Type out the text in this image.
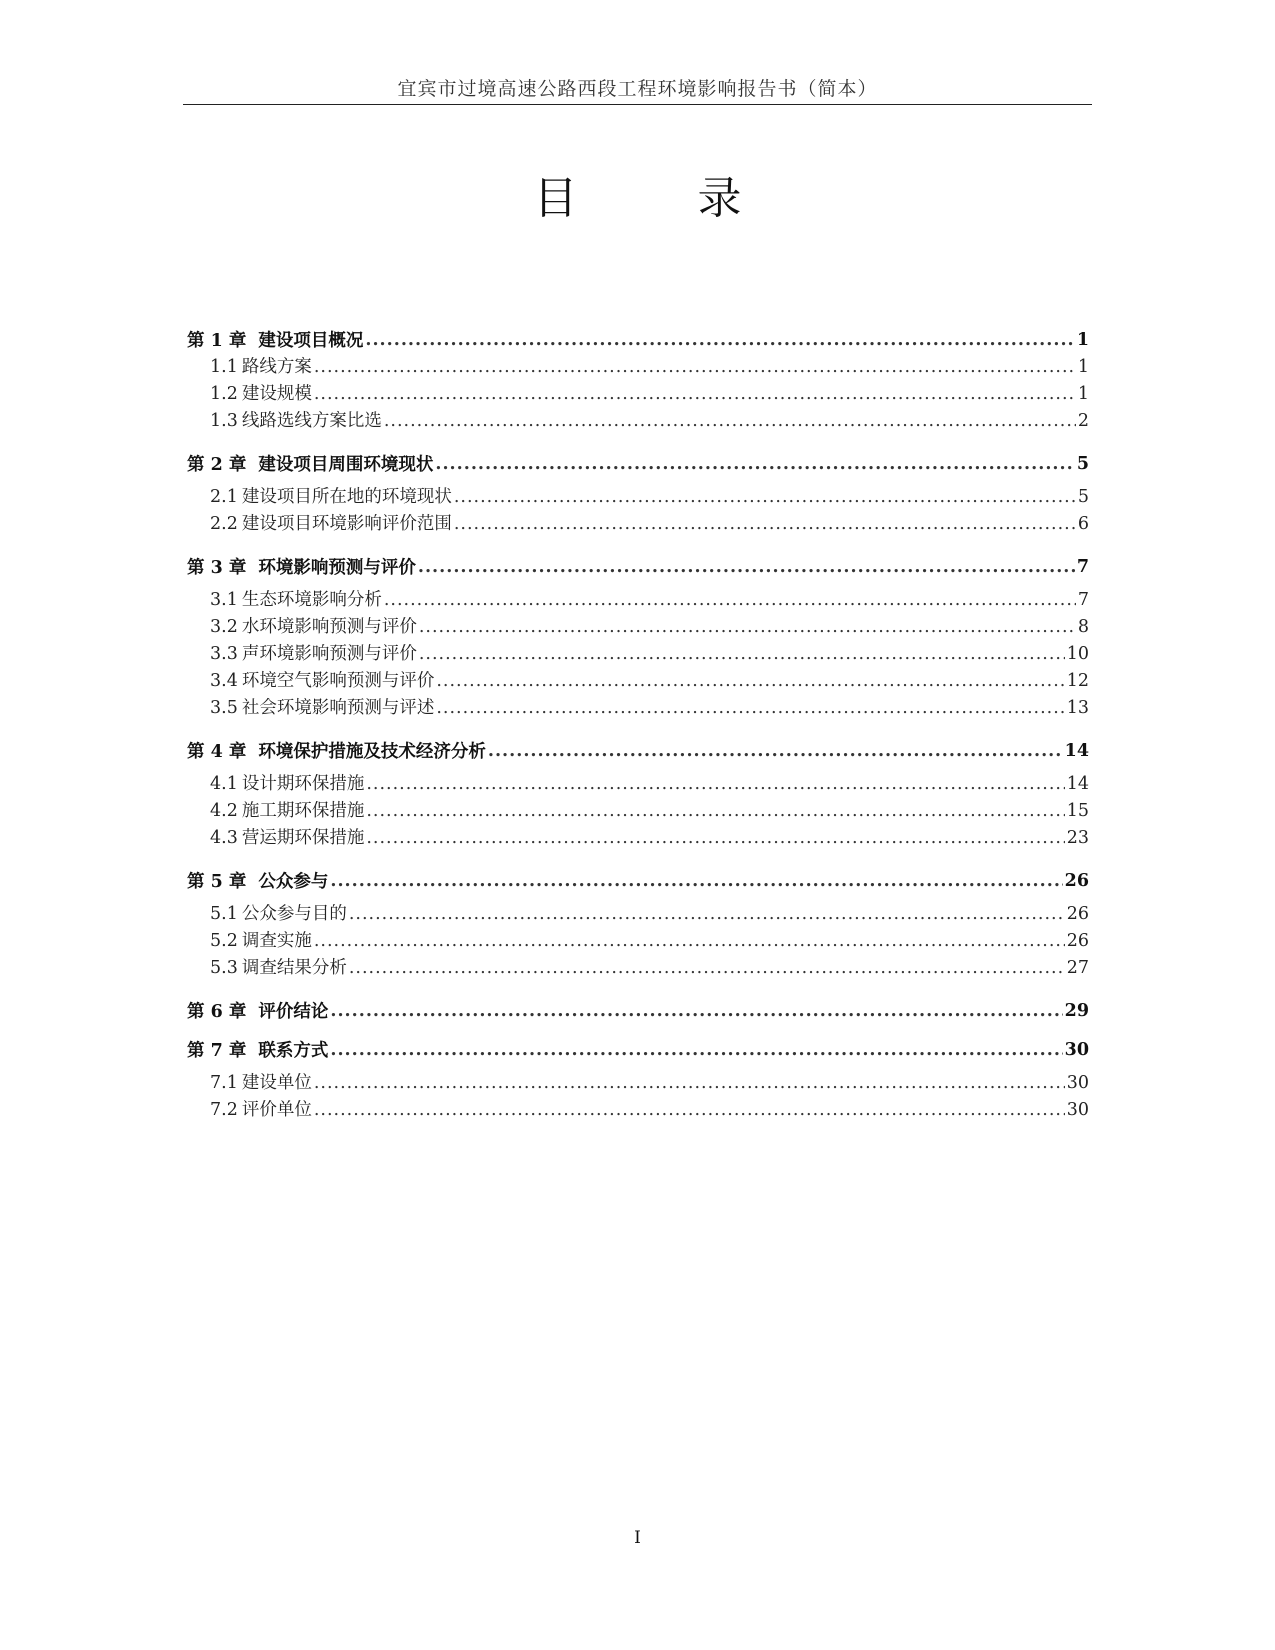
宜宾市过境高速公路西段工程环境影响报告书（简本）
目　录
第 1 章 建设项目概况 .....	1
1.1 路线方案 .....	1
1.2 建设规模 .....	1
1.3 线路选线方案比选 .....	2
第 2 章 建设项目周围环境现状 .....	5
2.1 建设项目所在地的环境现状 .....	5
2.2 建设项目环境影响评价范围 .....	6
第 3 章 环境影响预测与评价 .....	7
3.1 生态环境影响分析 .....	7
3.2 水环境影响预测与评价 .....	8
3.3 声环境影响预测与评价 .....	10
3.4 环境空气影响预测与评价 .....	12
3.5 社会环境影响预测与评述 .....	13
第 4 章 环境保护措施及技术经济分析 .....	14
4.1 设计期环保措施 .....	14
4.2 施工期环保措施 .....	15
4.3 营运期环保措施 .....	23
第 5 章 公众参与 .....	26
5.1 公众参与目的 .....	26
5.2 调查实施 .....	26
5.3 调查结果分析 .....	27
第 6 章 评价结论 .....	29
第 7 章 联系方式 .....	30
7.1 建设单位 .....	30
7.2 评价单位 .....	30
I
